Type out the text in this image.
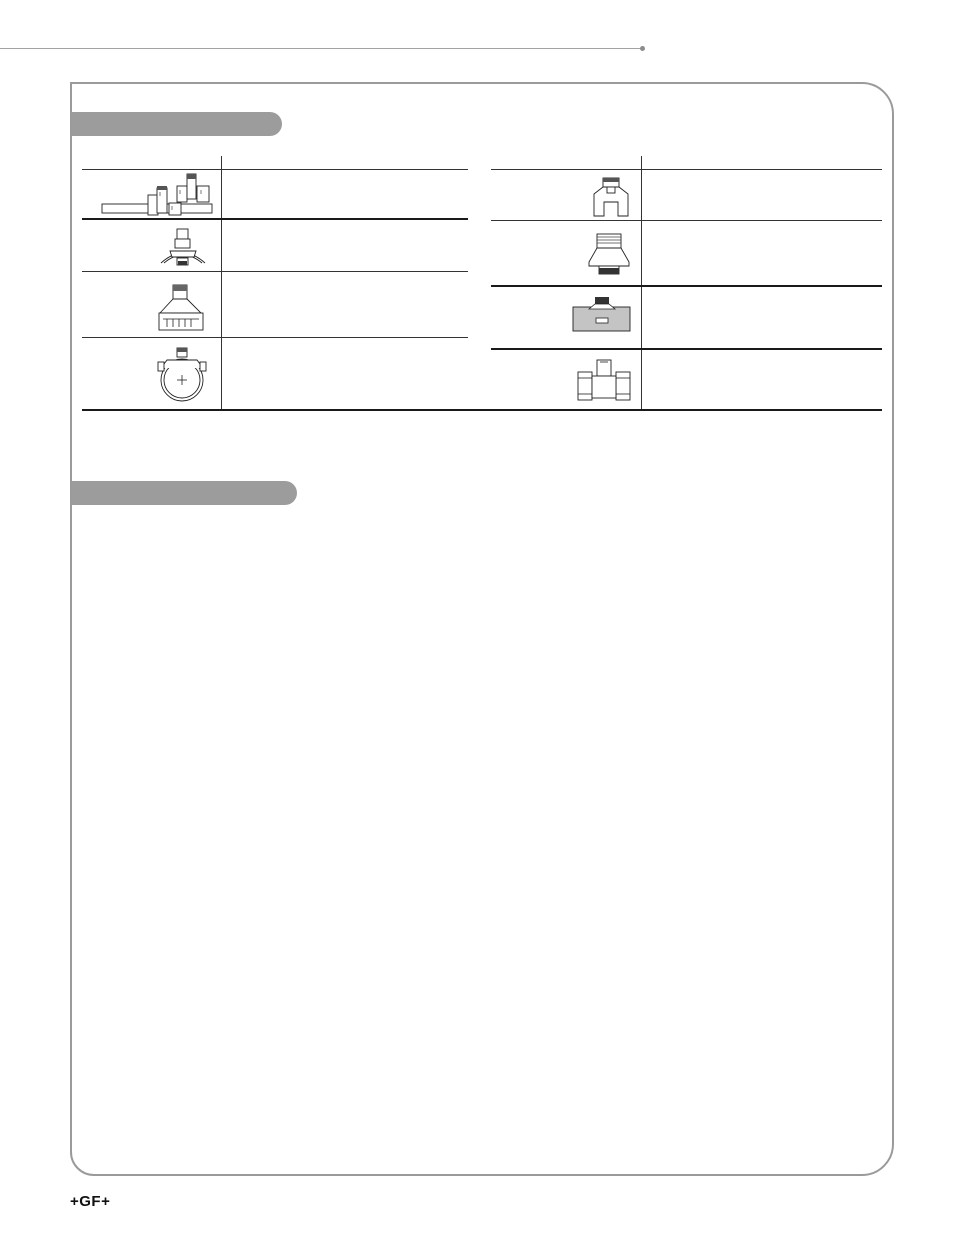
+GF+
